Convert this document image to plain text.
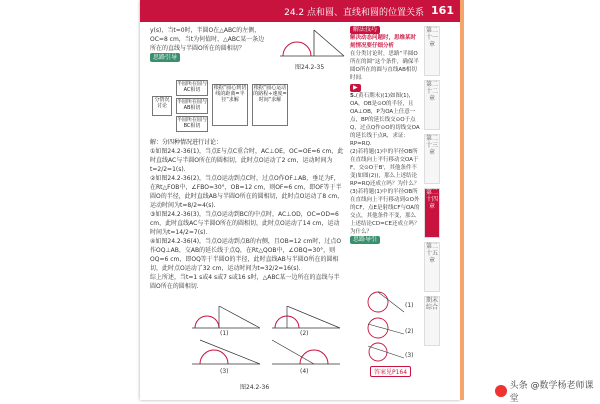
24.2 点和圆、直线和圆的位置关系 161
y(s)，当t=0时，半圆O在△ABC的左侧，OC=8 cm，当t为何值时，△ABC某一条边所在的直线与半圆O所在的圆相切？
思路引导
图24.2-35
分情况讨论
半圆所在圆与AC相切
半圆所在圆与AB相切
半圆所在圆与BC相切
根据“圆心到切线的距离=半径”求解
根据“圆心运动的路程÷速度=时间”求解
解：分四种情况进行讨论：
①如图24.2-36(1)，当点E与点C重合时，AC⊥OE，OC=OE=6 cm，此时直线AC与半圆O所在的圆相切，此时点O运动了2 cm，运动时间为t=2/2=1(s).
②如图24.2-36(2)，当点O运动到点C时，过点O作OF⊥AB，垂足为F，在Rt△FOB中，∠FBO=30°，OB=12 cm，则OF=6 cm，即OF等于半圆O的半径，此时直线AB与半圆O所在的圆相切，此时点O运动了8 cm，运动时间为t=8/2=4(s).
③如图24.2-36(3)，当点O运动到BC的中点时，AC⊥OD，OC=OD=6 cm，此时直线AC与半圆O所在的圆相切，此时点O运动了14 cm，运动时间为t=14/2=7(s).
④如图24.2-36(4)，当点O运动到点B的右侧，且OB=12 cm时，过点O作OQ⊥AB，交AB的延长线于点Q，在Rt△QOB中，∠OBQ=30°，则OQ=6 cm，即OQ等于半圆O的半径，此时直线AB与半圆O所在的圆相切，此时点O运动了32 cm，运动时间为t=32/2=16(s).
综上所述，当t=1 s或4 s或7 s或16 s时，△ABC某一边所在的直线与半圆O所在的圆相切.
(1)	(2)
(3)	(4)
图24.2-36
解法技巧
解决动态问题时，思维某时刻情况要仔细分析
在分类讨论时，思路“半圆O所在的圆”这个条件，确保半圆O所在的圆与直线AB相切时间.
▶
5.(黄石期末)(1)如图(1)，OA，OB是⊙O的半径，且OA⊥OB，P为OA上任意一点，BP的延长线交⊙O于点Q，过点Q作⊙O的切线交OA的延长线于点R，求证：RP=RQ.
(2)若将题(1)中的半径OB所在直线向上平行移动交OA于F，交⊙O于B'，其他条件不变(如图(2))，那么上述结论RP=RQ还成立吗？为什么？
(3)若将题(1)中的半径OB所在直线向上平行移动到⊙O外的CF，点E是射线CF与OA的交点，其他条件不变，那么上述结论CD=CE还成立吗？为什么？
思路导引
(1)
(2)
(3)
答案见P164
第二十一章
第二十二章
第二十三章
第二十四章
第二十五章
期末综合
头条 @数学杨老师课堂
